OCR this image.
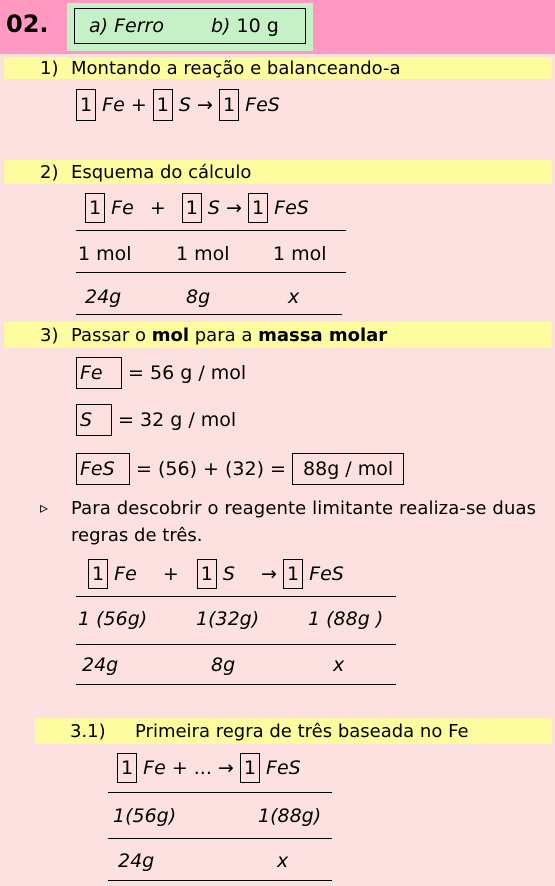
02. a) Ferro b) 10 g
1) Montando a reação e balanceando-a
1 Fe + 1 S → 1 FeS
2) Esquema do cálculo
1 Fe + 1 S → 1 FeS
1 mol 1 mol 1 mol
24g	8g	x
3) Passar o mol para a massa molar
Fe = 56 g / mol
S = 32 g / mol
FeS = (56) + (32) = 88g / mol
▹ Para descobrir o reagente limitante realiza-se duas
regras de três.
1 Fe + 1 S → 1 FeS
1 (56g)	1(32g)	1 (88g )
24g	8g	x
3.1) Primeira regra de três baseada no Fe
1 Fe + ... → 1 FeS
1(56g)	1(88g)
24g	x
